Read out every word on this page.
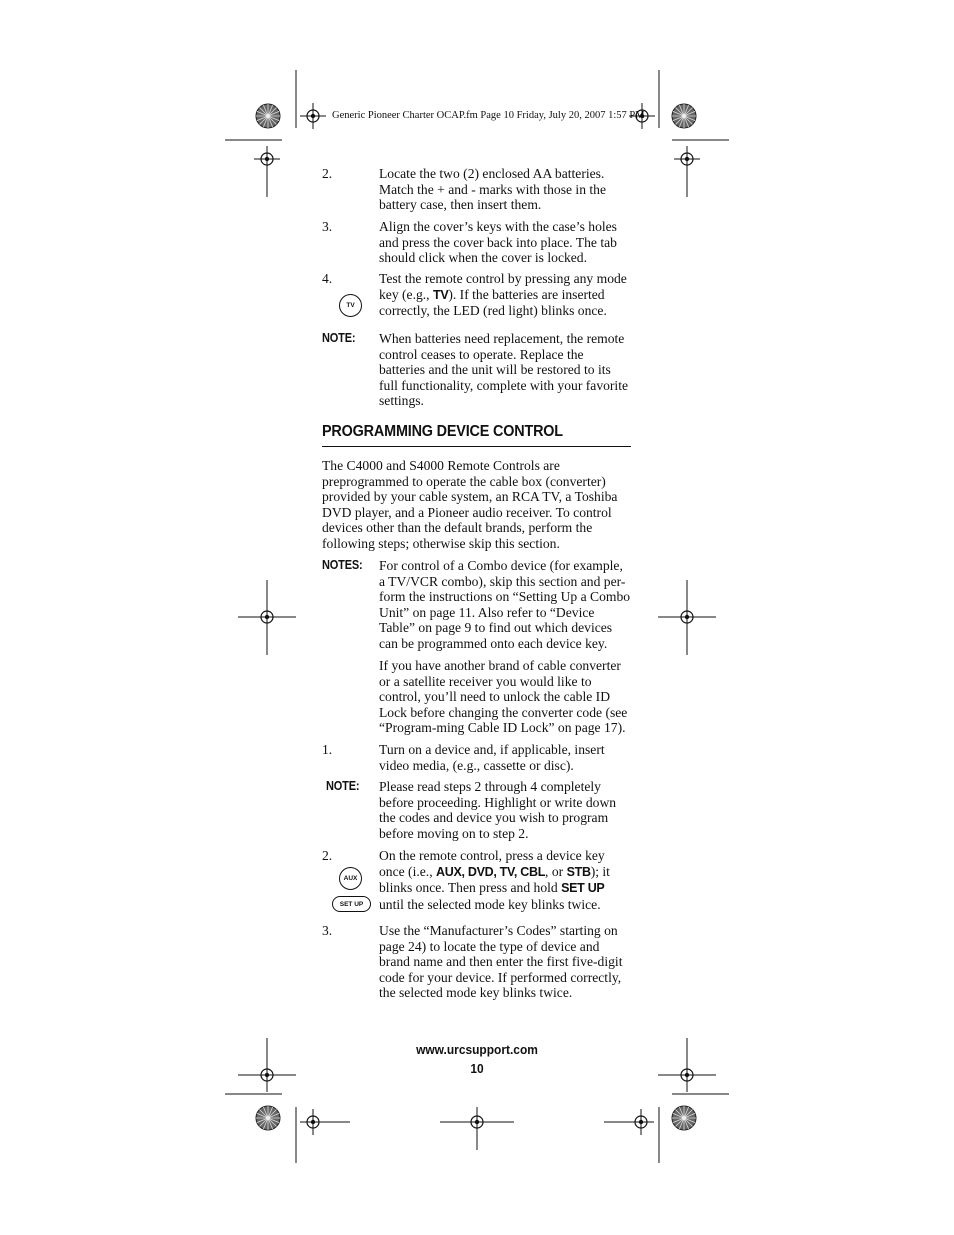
Generic Pioneer Charter OCAP.fm Page 10 Friday, July 20, 2007 1:57 PM
2.	Locate the two (2) enclosed AA batteries. Match the + and - marks with those in the battery case, then insert them.
3.	Align the cover’s keys with the case’s holes and press the cover back into place. The tab should click when the cover is locked.
4.
TV
Test the remote control by pressing any mode key (e.g., TV). If the batteries are inserted correctly, the LED (red light) blinks once.
NOTE: When batteries need replacement, the remote control ceases to operate. Replace the batteries and the unit will be restored to its full functionality, complete with your favorite settings.
PROGRAMMING DEVICE CONTROL
The C4000 and S4000 Remote Controls are preprogrammed to operate the cable box (converter) provided by your cable system, an RCA TV, a Toshiba DVD player, and a Pioneer audio receiver. To control devices other than the default brands, perform the following steps; otherwise skip this section.
NOTES: For control of a Combo device (for example, a TV/VCR combo), skip this section and per-form the instructions on “Setting Up a Combo Unit” on page 11. Also refer to “Device Table” on page 9 to find out which devices can be programmed onto each device key.
If you have another brand of cable converter or a satellite receiver you would like to control, you’ll need to unlock the cable ID Lock before changing the converter code (see “Program-ming Cable ID Lock” on page 17).
1.	Turn on a device and, if applicable, insert video media, (e.g., cassette or disc).
NOTE: Please read steps 2 through 4 completely before proceeding. Highlight or write down the codes and device you wish to program before moving on to step 2.
2.
AUX
SET UP
On the remote control, press a device key once (i.e., AUX, DVD, TV, CBL, or STB); it blinks once. Then press and hold SET UP until the selected mode key blinks twice.
3.	Use the “Manufacturer’s Codes” starting on page 24) to locate the type of device and brand name and then enter the first five-digit code for your device. If performed correctly, the selected mode key blinks twice.
www.urcsupport.com
10
